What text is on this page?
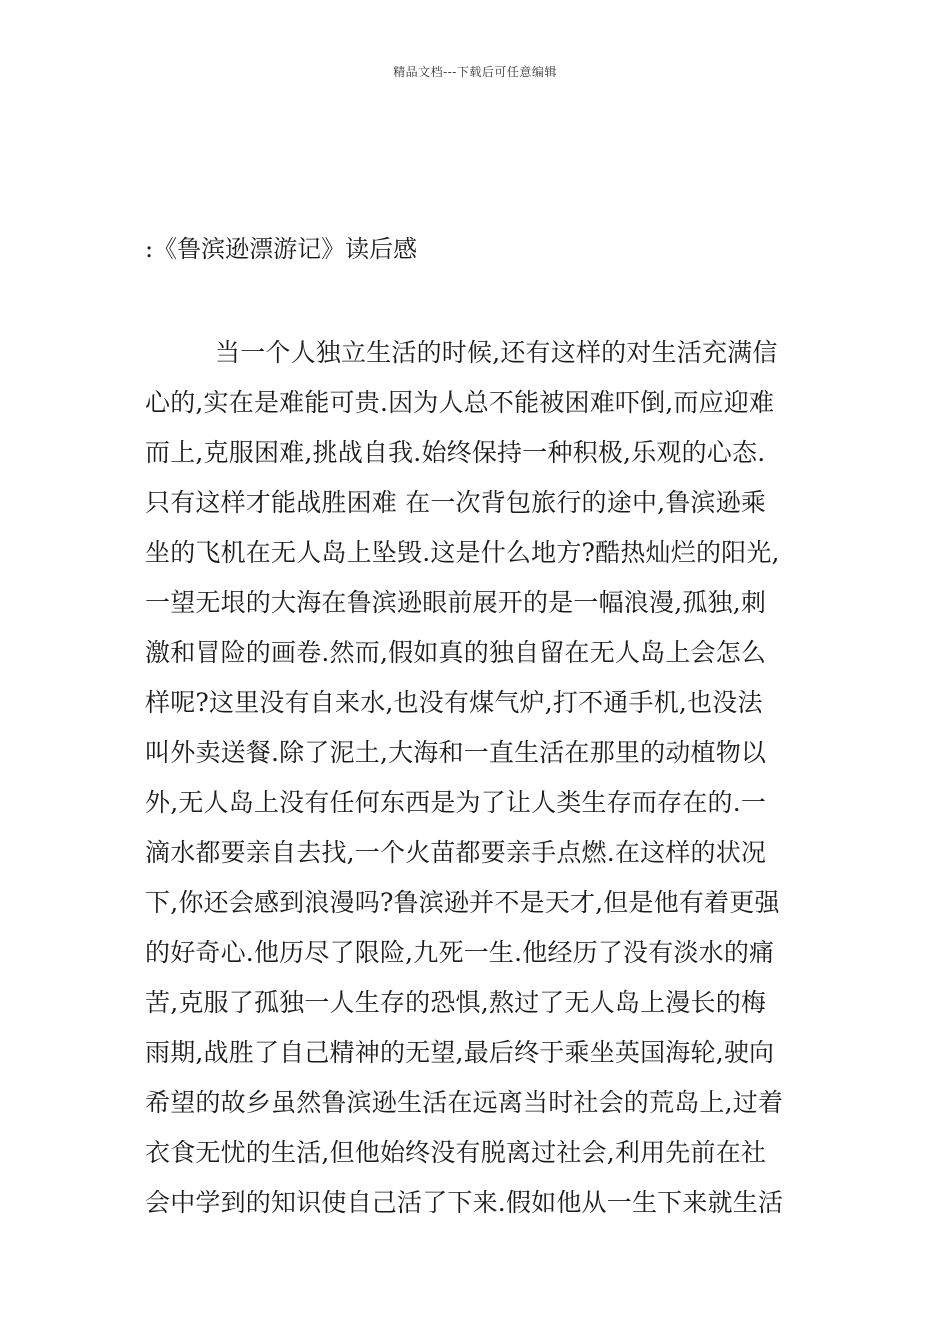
精品文档---下载后可任意编辑
:《鲁滨逊漂游记》读后感
当一个人独立生活的时候,还有这样的对生活充满信
心的,实在是难能可贵.因为人总不能被困难吓倒,而应迎难
而上,克服困难,挑战自我.始终保持一种积极,乐观的心态.
只有这样才能战胜困难 在一次背包旅行的途中,鲁滨逊乘
坐的飞机在无人岛上坠毁.这是什么地方?酷热灿烂的阳光,
一望无垠的大海在鲁滨逊眼前展开的是一幅浪漫,孤独,刺
激和冒险的画卷.然而,假如真的独自留在无人岛上会怎么
样呢?这里没有自来水,也没有煤气炉,打不通手机,也没法
叫外卖送餐.除了泥土,大海和一直生活在那里的动植物以
外,无人岛上没有任何东西是为了让人类生存而存在的.一
滴水都要亲自去找,一个火苗都要亲手点燃.在这样的状况
下,你还会感到浪漫吗?鲁滨逊并不是天才,但是他有着更强
的好奇心.他历尽了限险,九死一生.他经历了没有淡水的痛
苦,克服了孤独一人生存的恐惧,熬过了无人岛上漫长的梅
雨期,战胜了自己精神的无望,最后终于乘坐英国海轮,驶向
希望的故乡虽然鲁滨逊生活在远离当时社会的荒岛上,过着
衣食无忧的生活,但他始终没有脱离过社会,利用先前在社
会中学到的知识使自己活了下来.假如他从一生下来就生活
